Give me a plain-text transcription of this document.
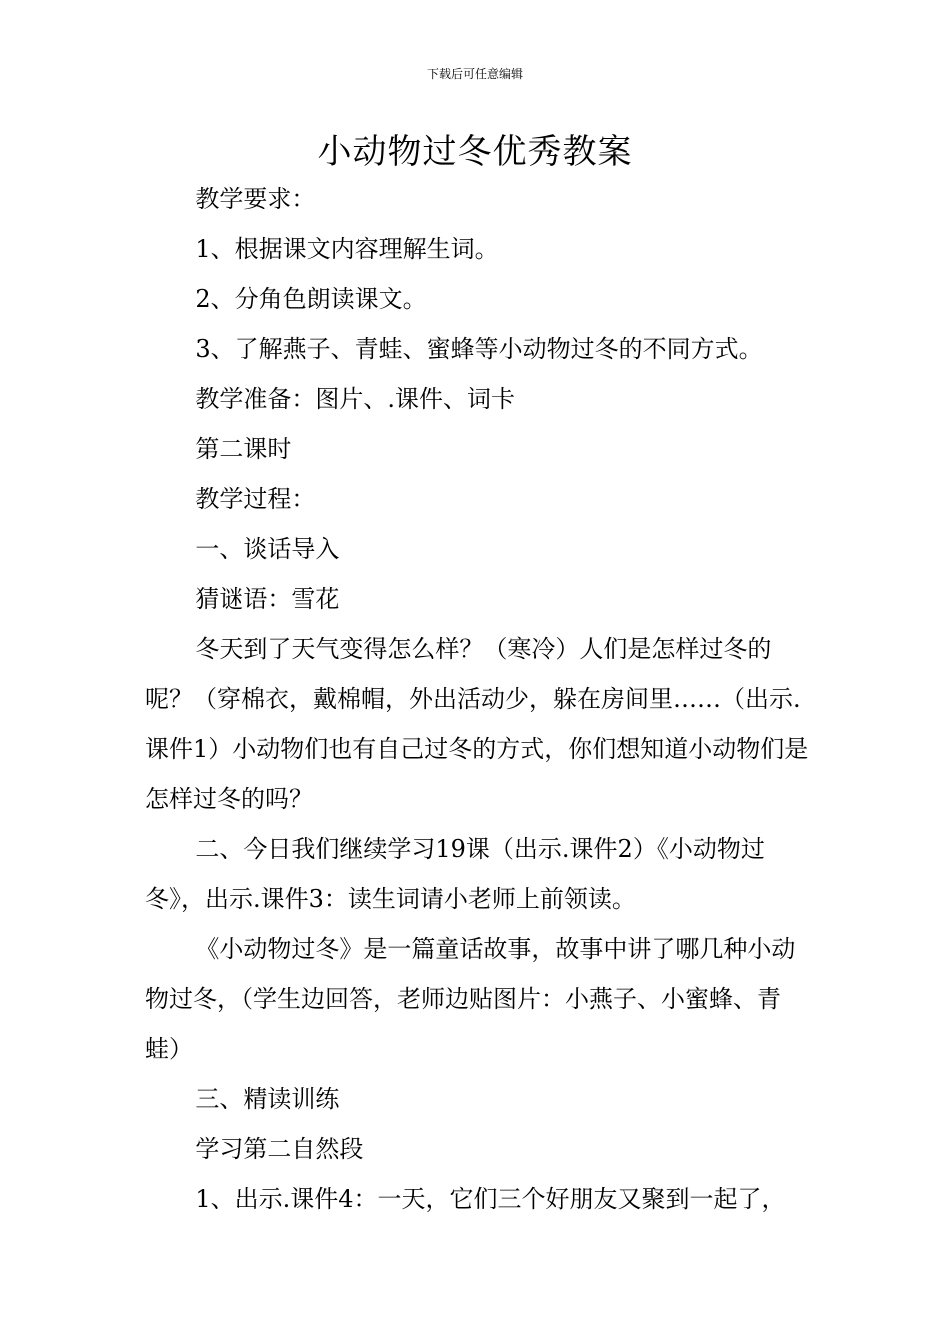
下载后可任意编辑
小动物过冬优秀教案

教学要求：

1、根据课文内容理解生词。

2、分角色朗读课文。

3、了解燕子、青蛙、蜜蜂等小动物过冬的不同方式。

教学准备：图片、.课件、词卡

第二课时

教学过程：

一、谈话导入

猜谜语：雪花

冬天到了天气变得怎么样？（寒冷）人们是怎样过冬的呢？（穿棉衣，戴棉帽，外出活动少，躲在房间里……（出示.课件1）小动物们也有自己过冬的方式，你们想知道小动物们是怎样过冬的吗？

二、今日我们继续学习19课（出示.课件2）《小动物过冬》，出示.课件3：读生词请小老师上前领读。

《小动物过冬》是一篇童话故事，故事中讲了哪几种小动物过冬，（学生边回答，老师边贴图片：小燕子、小蜜蜂、青蛙）

三、精读训练

学习第二自然段

1、出示.课件4：一天，它们三个好朋友又聚到一起了，
